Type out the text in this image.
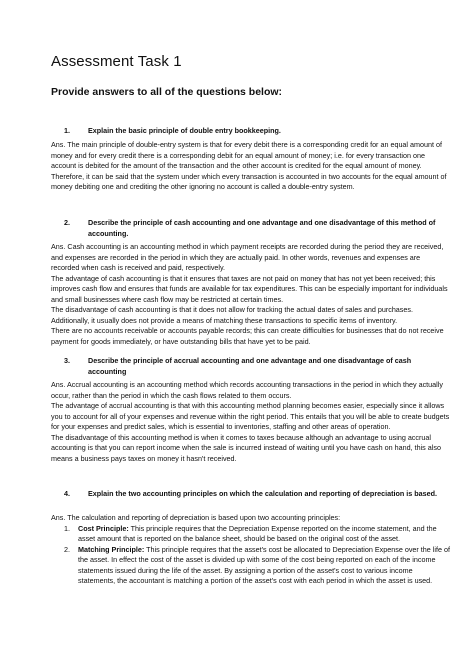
Assessment Task 1
Provide answers to all of the questions below:
1.	Explain the basic principle of double entry bookkeeping.

Ans. The main principle of double-entry system is that for every debit there is a corresponding credit for an equal amount of money and for every credit there is a corresponding debit for an equal amount of money; i.e. for every transaction one account is debited for the amount of the transaction and the other account is credited for the equal amount of money. Therefore, it can be said that the system under which every transaction is accounted in two accounts for the equal amount of money debiting one and crediting the other ignoring no account is called a double-entry system.

2.	Describe the principle of cash accounting and one advantage and one disadvantage of this method of accounting.

Ans. Cash accounting is an accounting method in which payment receipts are recorded during the period they are received, and expenses are recorded in the period in which they are actually paid. In other words, revenues and expenses are recorded when cash is received and paid, respectively.

The advantage of cash accounting is that it ensures that taxes are not paid on money that has not yet been received; this improves cash flow and ensures that funds are available for tax expenditures. This can be especially important for individuals and small businesses where cash flow may be restricted at certain times.

The disadvantage of cash accounting is that it does not allow for tracking the actual dates of sales and purchases. Additionally, it usually does not provide a means of matching these transactions to specific items of inventory.

There are no accounts receivable or accounts payable records; this can create difficulties for businesses that do not receive payment for goods immediately, or have outstanding bills that have yet to be paid.

3.	Describe the principle of accrual accounting and one advantage and one disadvantage of cash accounting

Ans. Accrual accounting is an accounting method which records accounting transactions in the period in which they actually occur, rather than the period in which the cash flows related to them occurs.

The advantage of accrual accounting is that with this accounting method planning becomes easier, especially since it allows you to account for all of your expenses and revenue within the right period. This entails that you will be able to create budgets for your expenses and predict sales, which is essential to inventories, staffing and other areas of operation.

The disadvantage of this accounting method is when it comes to taxes because although an advantage to using accrual accounting is that you can report income when the sale is incurred instead of waiting until you have cash on hand, this also means a business pays taxes on money it hasn't received.

4.	Explain the two accounting principles on which the calculation and reporting of depreciation is based.

Ans. The calculation and reporting of depreciation is based upon two accounting principles:

1. Cost Principle: This principle requires that the Depreciation Expense reported on the income statement, and the asset amount that is reported on the balance sheet, should be based on the original cost of the asset.
2. Matching Principle: This principle requires that the asset's cost be allocated to Depreciation Expense over the life of the asset. In effect the cost of the asset is divided up with some of the cost being reported on each of the income statements issued during the life of the asset. By assigning a portion of the asset's cost to various income statements, the accountant is matching a portion of the asset's cost with each period in which the asset is used.
